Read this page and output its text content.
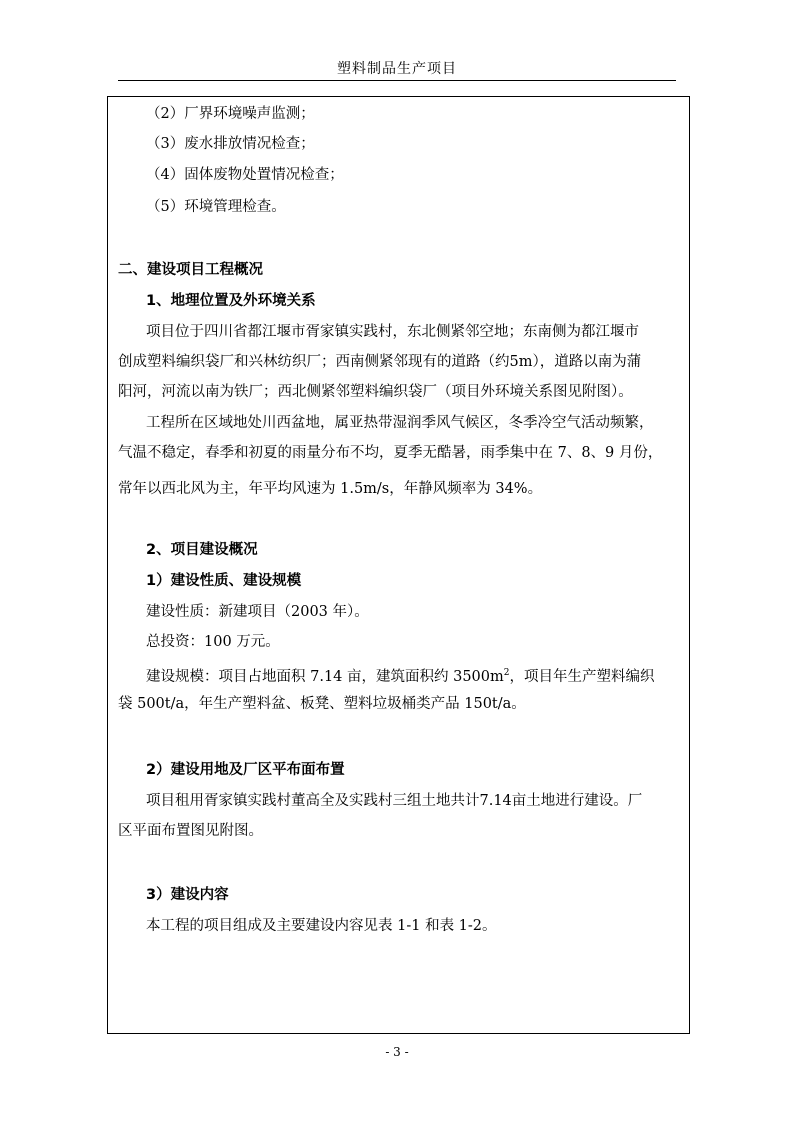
塑料制品生产项目
（2）厂界环境噪声监测；
（3）废水排放情况检查；
（4）固体废物处置情况检查；
（5）环境管理检查。
二、建设项目工程概况
1、地理位置及外环境关系
项目位于四川省都江堰市胥家镇实践村，东北侧紧邻空地；东南侧为都江堰市
创成塑料编织袋厂和兴林纺织厂；西南侧紧邻现有的道路（约5m），道路以南为蒲
阳河，河流以南为铁厂；西北侧紧邻塑料编织袋厂（项目外环境关系图见附图）。
工程所在区域地处川西盆地，属亚热带湿润季风气候区，冬季冷空气活动频繁，
气温不稳定，春季和初夏的雨量分布不均，夏季无酷暑，雨季集中在 7、8、9 月份，
常年以西北风为主，年平均风速为 1.5m/s，年静风频率为 34%。
2、项目建设概况
1）建设性质、建设规模
建设性质：新建项目（2003 年）。
总投资：100 万元。
建设规模：项目占地面积 7.14 亩，建筑面积约 $3500m^2$，项目年生产塑料编织
袋 500t/a，年生产塑料盆、板凳、塑料垃圾桶类产品 150t/a。
2）建设用地及厂区平布面布置
项目租用胥家镇实践村董高全及实践村三组土地共计7.14亩土地进行建设。厂
区平面布置图见附图。
3）建设内容
本工程的项目组成及主要建设内容见表 1-1 和表 1-2。
- 3 -
